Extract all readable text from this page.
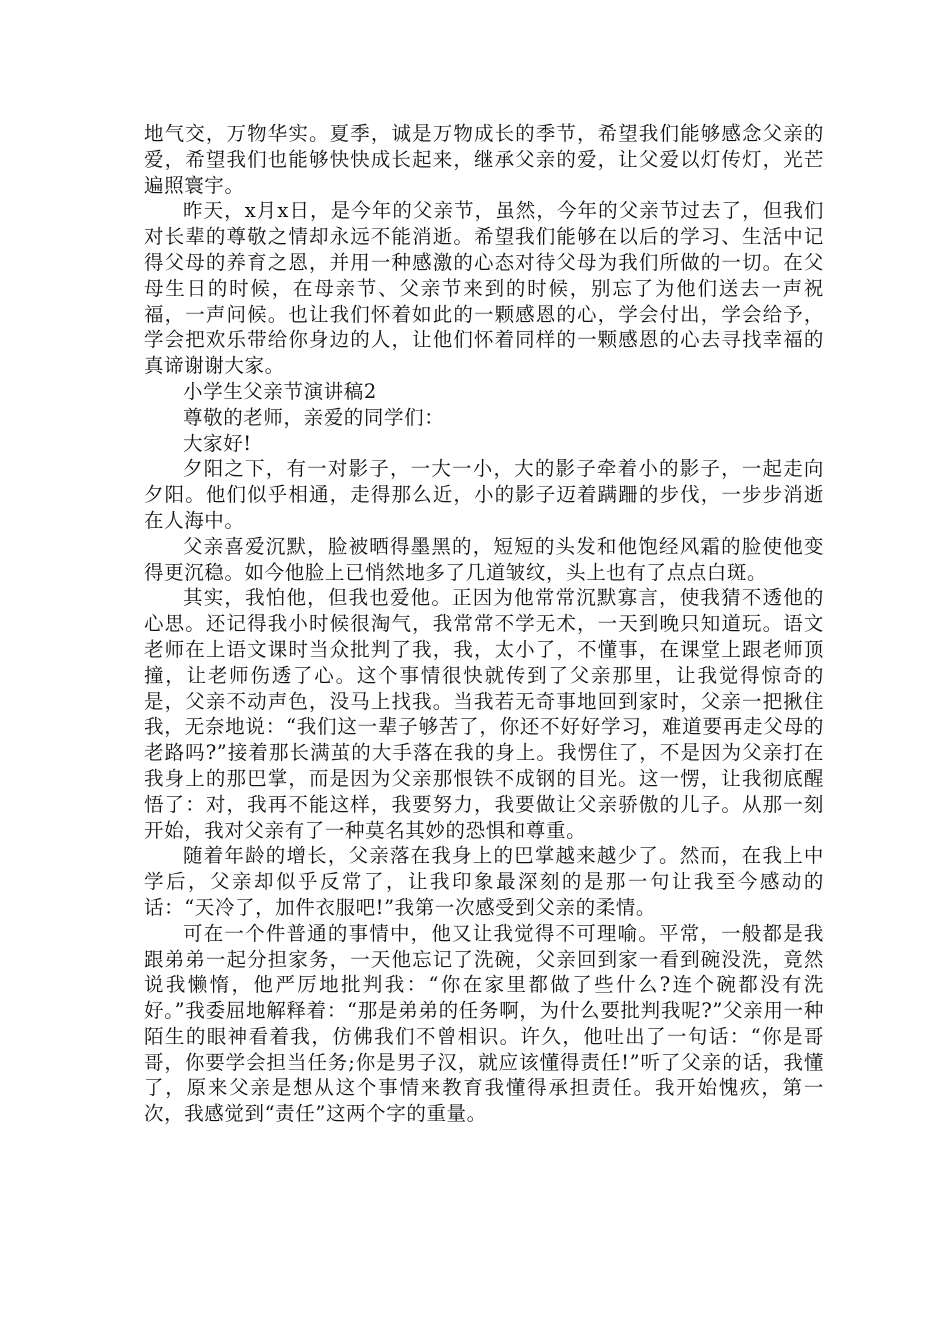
地气交，万物华实。夏季，诚是万物成长的季节，希望我们能够感念父亲的爱，希望我们也能够快快成长起来，继承父亲的爱，让父爱以灯传灯，光芒遍照寰宇。

昨天，x月x日，是今年的父亲节，虽然，今年的父亲节过去了，但我们对长辈的尊敬之情却永远不能消逝。希望我们能够在以后的学习、生活中记得父母的养育之恩，并用一种感激的心态对待父母为我们所做的一切。在父母生日的时候，在母亲节、父亲节来到的时候，别忘了为他们送去一声祝福，一声问候。也让我们怀着如此的一颗感恩的心，学会付出，学会给予，学会把欢乐带给你身边的人，让他们怀着同样的一颗感恩的心去寻找幸福的真谛谢谢大家。

小学生父亲节演讲稿2

尊敬的老师，亲爱的同学们：

大家好!

夕阳之下，有一对影子，一大一小，大的影子牵着小的影子，一起走向夕阳。他们似乎相通，走得那么近，小的影子迈着蹒跚的步伐，一步步消逝在人海中。

父亲喜爱沉默，脸被晒得墨黑的，短短的头发和他饱经风霜的脸使他变得更沉稳。如今他脸上已悄然地多了几道皱纹，头上也有了点点白斑。

其实，我怕他，但我也爱他。正因为他常常沉默寡言，使我猜不透他的心思。还记得我小时候很淘气，我常常不学无术，一天到晚只知道玩。语文老师在上语文课时当众批判了我，我，太小了，不懂事，在课堂上跟老师顶撞，让老师伤透了心。这个事情很快就传到了父亲那里，让我觉得惊奇的是，父亲不动声色，没马上找我。当我若无奇事地回到家时，父亲一把揪住我，无奈地说：“我们这一辈子够苦了，你还不好好学习，难道要再走父母的老路吗?”接着那长满茧的大手落在我的身上。我愣住了，不是因为父亲打在我身上的那巴掌，而是因为父亲那恨铁不成钢的目光。这一愣，让我彻底醒悟了：对，我再不能这样，我要努力，我要做让父亲骄傲的儿子。从那一刻开始，我对父亲有了一种莫名其妙的恐惧和尊重。

随着年龄的增长，父亲落在我身上的巴掌越来越少了。然而，在我上中学后，父亲却似乎反常了，让我印象最深刻的是那一句让我至今感动的话：“天冷了，加件衣服吧!”我第一次感受到父亲的柔情。

可在一个件普通的事情中，他又让我觉得不可理喻。平常，一般都是我跟弟弟一起分担家务，一天他忘记了洗碗，父亲回到家一看到碗没洗，竟然说我懒惰，他严厉地批判我：“你在家里都做了些什么?连个碗都没有洗好。”我委屈地解释着：“那是弟弟的任务啊，为什么要批判我呢?”父亲用一种陌生的眼神看着我，仿佛我们不曾相识。许久，他吐出了一句话：“你是哥哥，你要学会担当任务;你是男子汉，就应该懂得责任!”听了父亲的话，我懂了，原来父亲是想从这个事情来教育我懂得承担责任。我开始愧疚，第一次，我感觉到“责任”这两个字的重量。
